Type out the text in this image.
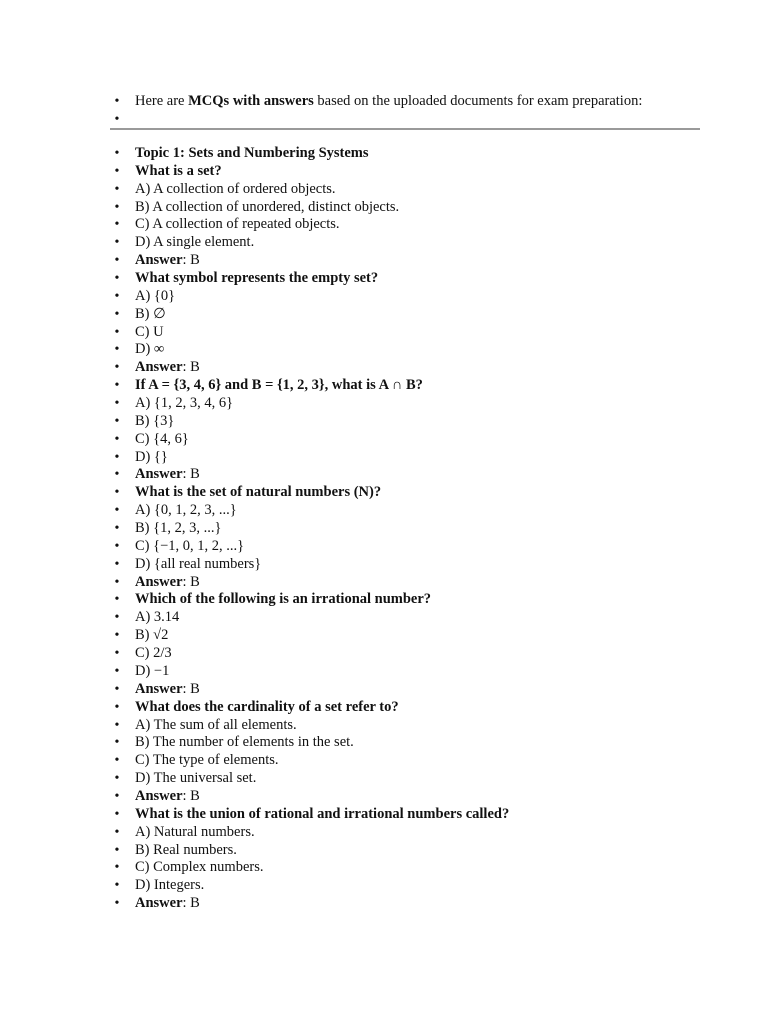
• Here are MCQs with answers based on the uploaded documents for exam preparation:
•
• Topic 1: Sets and Numbering Systems
• What is a set?
• A) A collection of ordered objects.
• B) A collection of unordered, distinct objects.
• C) A collection of repeated objects.
• D) A single element.
• Answer: B
• What symbol represents the empty set?
• A) {0}
• B) ∅
• C) U
• D) ∞
• Answer: B
• If A = {3, 4, 6} and B = {1, 2, 3}, what is A ∩ B?
• A) {1, 2, 3, 4, 6}
• B) {3}
• C) {4, 6}
• D) {}
• Answer: B
• What is the set of natural numbers (N)?
• A) {0, 1, 2, 3, ...}
• B) {1, 2, 3, ...}
• C) {−1, 0, 1, 2, ...}
• D) {all real numbers}
• Answer: B
• Which of the following is an irrational number?
• A) 3.14
• B) √2
• C) 2/3
• D) −1
• Answer: B
• What does the cardinality of a set refer to?
• A) The sum of all elements.
• B) The number of elements in the set.
• C) The type of elements.
• D) The universal set.
• Answer: B
• What is the union of rational and irrational numbers called?
• A) Natural numbers.
• B) Real numbers.
• C) Complex numbers.
• D) Integers.
• Answer: B
